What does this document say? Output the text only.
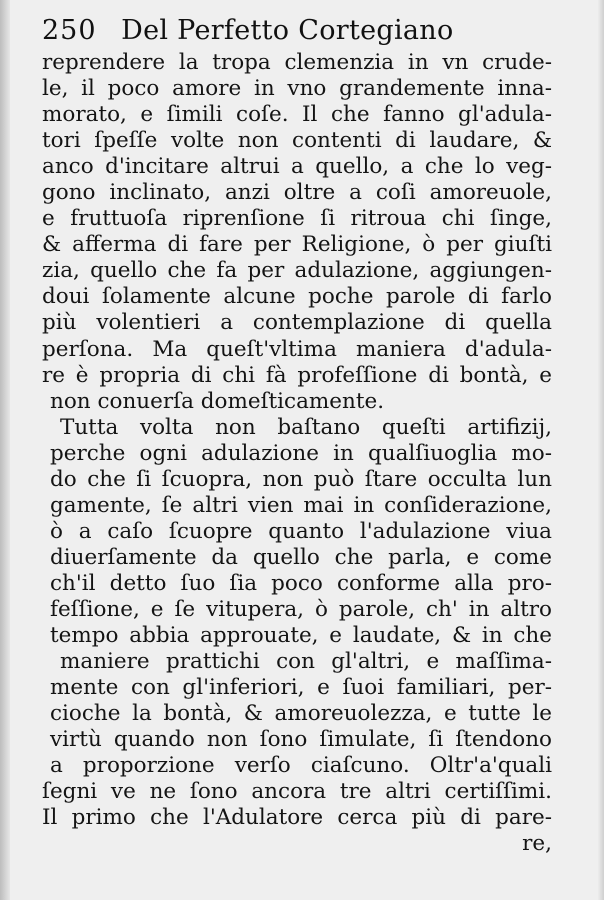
250 Del Perfetto Cortegiano
reprendere la tropa clemenzia in vn crude-
le, il poco amore in vno grandemente inna-
morato, e ſimili coſe. Il che fanno gl'adula-
tori ſpeſſe volte non contenti di laudare, &
anco d'incitare altrui a quello, a che lo veg-
gono inclinato, anzi oltre a coſi amoreuole,
e fruttuoſa riprenſione ſi ritroua chi ſinge,
& afferma di fare per Religione, ò per giuſti
zia, quello che fa per adulazione, aggiungen-
doui ſolamente alcune poche parole di farlo
più volentieri a contemplazione di quella
perſona. Ma queſt'vltima maniera d'adula-
re è propria di chi fà profeſſione di bontà, e
non conuerſa domeſticamente.
Tutta volta non baſtano queſti artifizij,
perche ogni adulazione in qualſiuoglia mo-
do che ſi ſcuopra, non può ſtare occulta lun
gamente, ſe altri vien mai in conſiderazione,
ò a caſo ſcuopre quanto l'adulazione viua
diuerſamente da quello che parla, e come
ch'il detto ſuo ſia poco conforme alla pro-
feſſione, e ſe vitupera, ò parole, ch' in altro
tempo abbia approuate, e laudate, & in che
maniere prattichi con gl'altri, e maſſima-
mente con gl'inferiori, e ſuoi familiari, per-
cioche la bontà, & amoreuolezza, e tutte le
virtù quando non ſono ſimulate, ſi ſtendono
a proporzione verſo ciaſcuno. Oltr'a'quali
ſegni ve ne ſono ancora tre altri certiſſimi.
Il primo che l'Adulatore cerca più di pare-
re,
